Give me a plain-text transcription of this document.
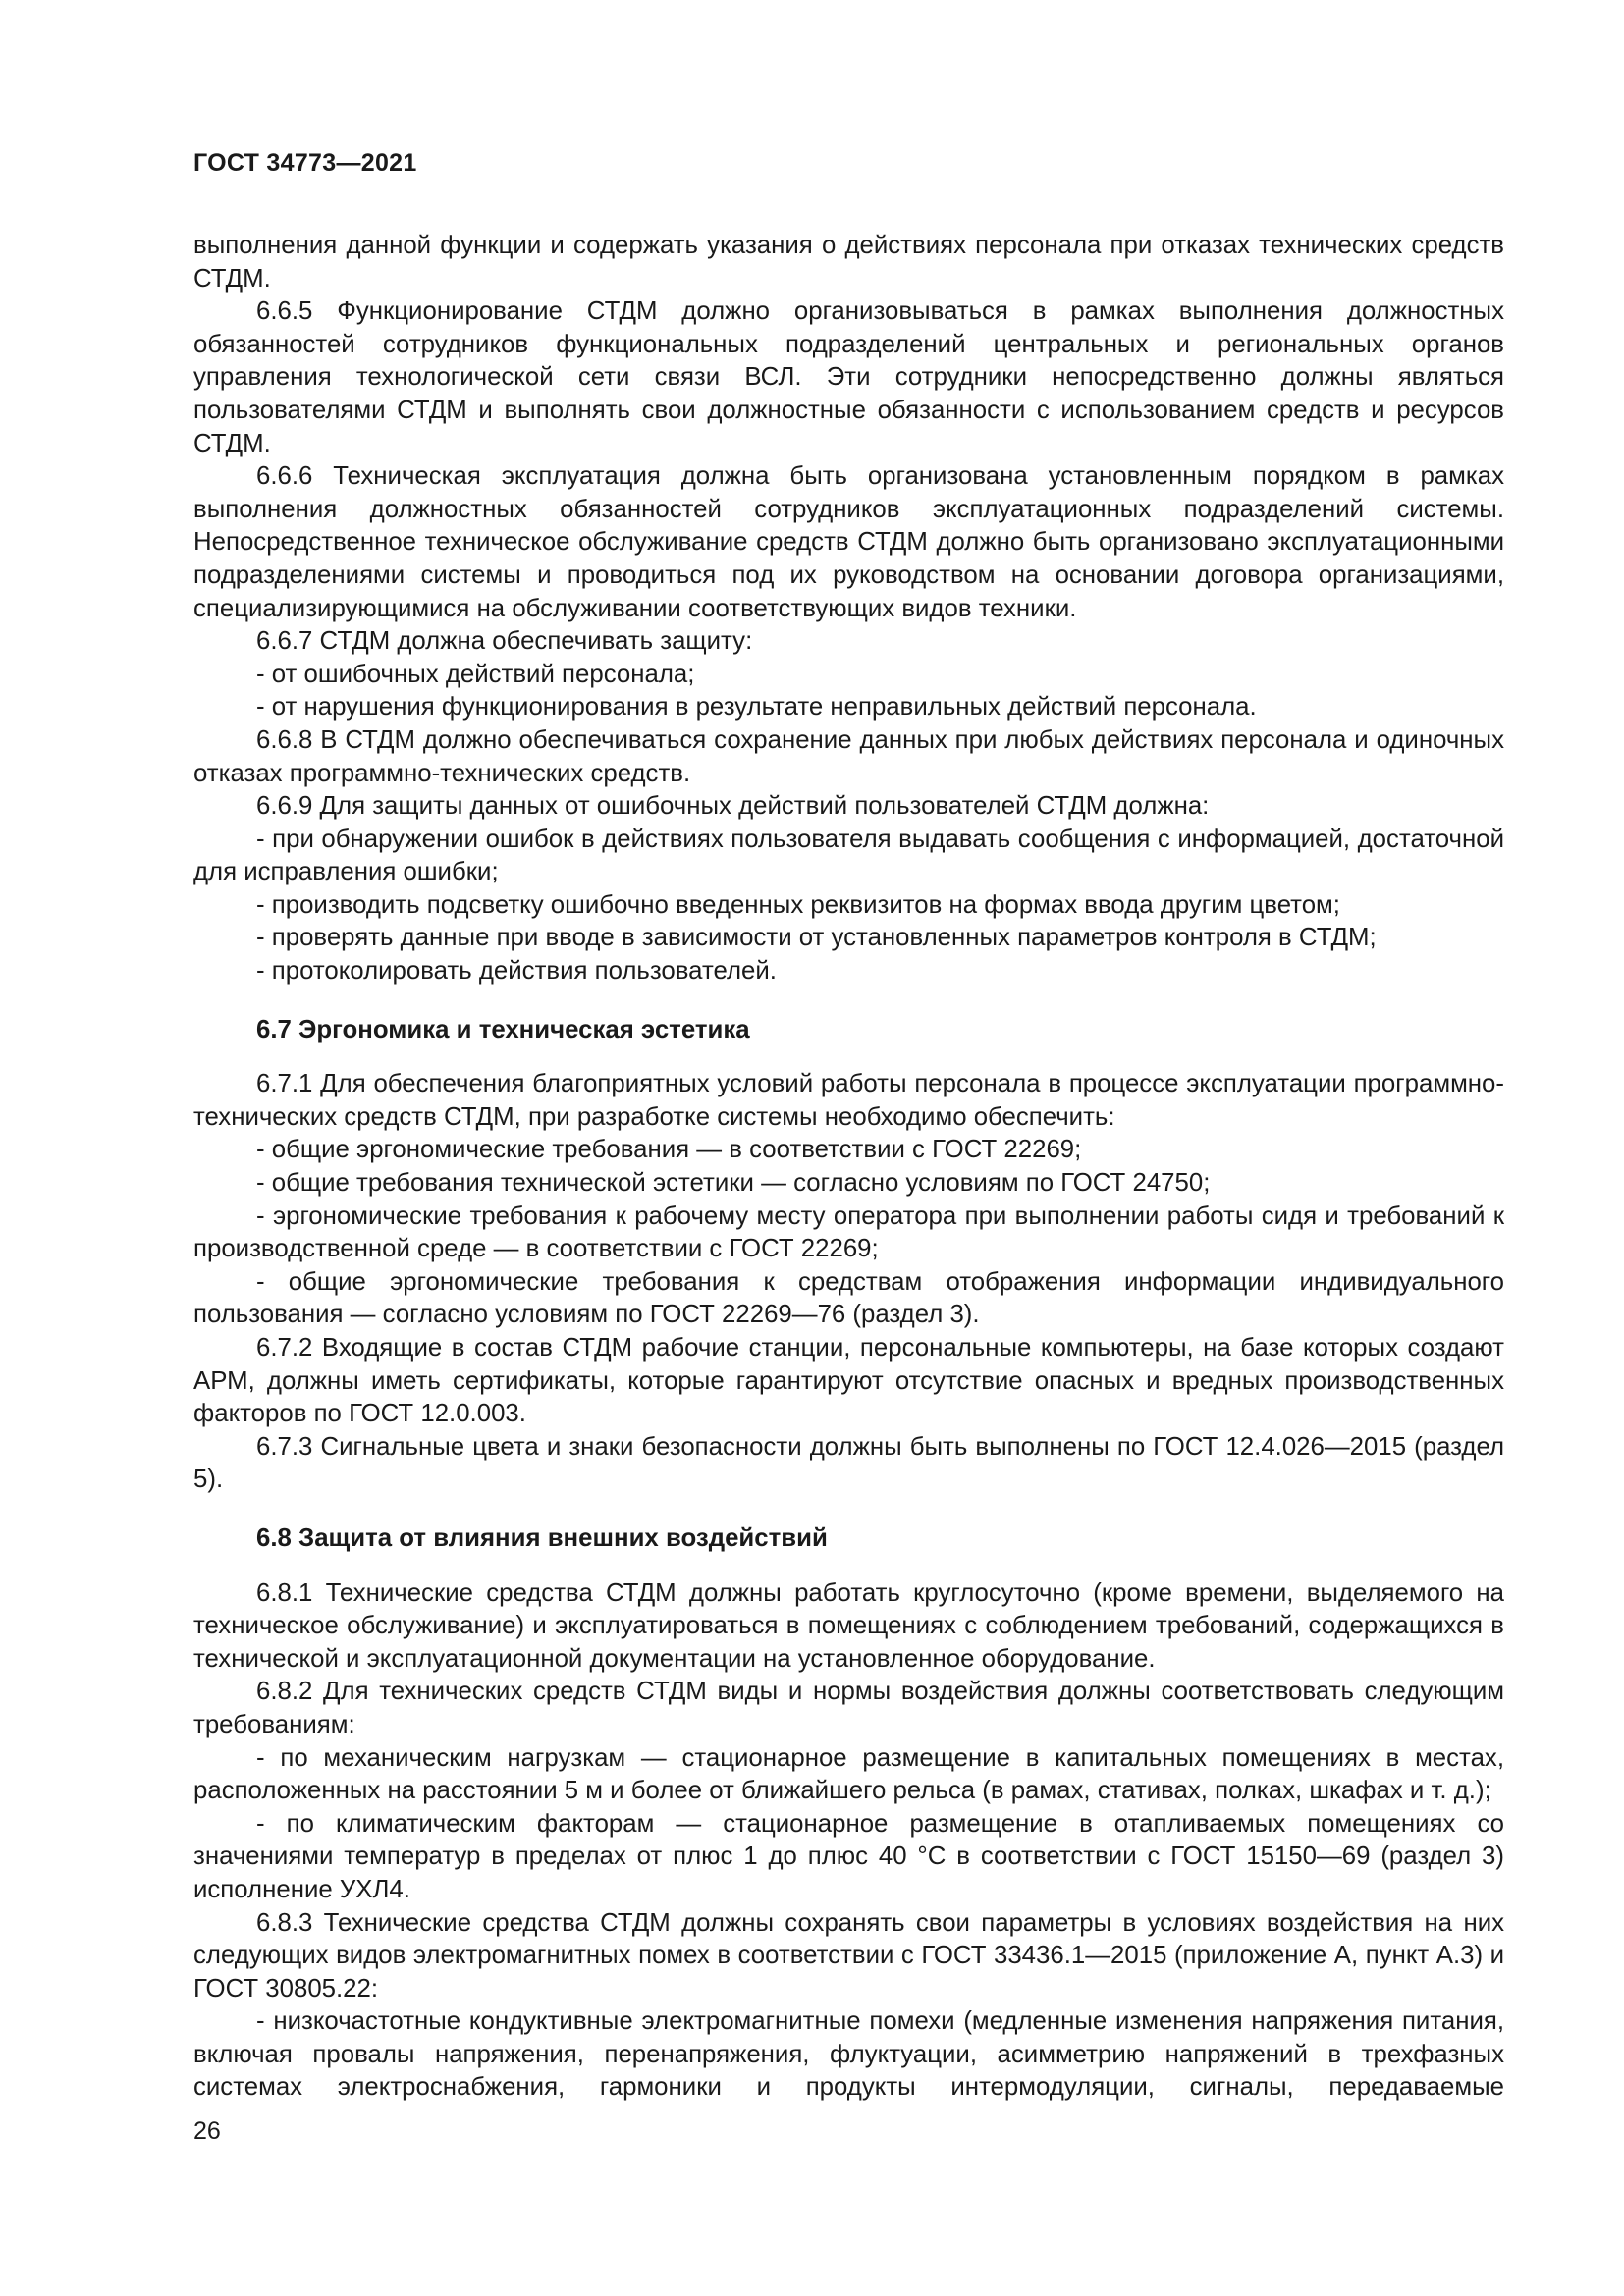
ГОСТ 34773—2021

выполнения данной функции и содержать указания о действиях персонала при отказах технических средств СТДМ.

6.6.5 Функционирование СТДМ должно организовываться в рамках выполнения должностных обязанностей сотрудников функциональных подразделений центральных и региональных органов управления технологической сети связи ВСЛ. Эти сотрудники непосредственно должны являться пользователями СТДМ и выполнять свои должностные обязанности с использованием средств и ресурсов СТДМ.

6.6.6 Техническая эксплуатация должна быть организована установленным порядком в рамках выполнения должностных обязанностей сотрудников эксплуатационных подразделений системы. Непосредственное техническое обслуживание средств СТДМ должно быть организовано эксплуатационными подразделениями системы и проводиться под их руководством на основании договора организациями, специализирующимися на обслуживании соответствующих видов техники.

6.6.7 СТДМ должна обеспечивать защиту:

- от ошибочных действий персонала;

- от нарушения функционирования в результате неправильных действий персонала.

6.6.8 В СТДМ должно обеспечиваться сохранение данных при любых действиях персонала и одиночных отказах программно-технических средств.

6.6.9 Для защиты данных от ошибочных действий пользователей СТДМ должна:

- при обнаружении ошибок в действиях пользователя выдавать сообщения с информацией, достаточной для исправления ошибки;

- производить подсветку ошибочно введенных реквизитов на формах ввода другим цветом;

- проверять данные при вводе в зависимости от установленных параметров контроля в СТДМ;

- протоколировать действия пользователей.

6.7 Эргономика и техническая эстетика

6.7.1 Для обеспечения благоприятных условий работы персонала в процессе эксплуатации программно-технических средств СТДМ, при разработке системы необходимо обеспечить:

- общие эргономические требования — в соответствии с ГОСТ 22269;

- общие требования технической эстетики — согласно условиям по ГОСТ 24750;

- эргономические требования к рабочему месту оператора при выполнении работы сидя и требований к производственной среде — в соответствии с ГОСТ 22269;

- общие эргономические требования к средствам отображения информации индивидуального пользования — согласно условиям по ГОСТ 22269—76 (раздел 3).

6.7.2 Входящие в состав СТДМ рабочие станции, персональные компьютеры, на базе которых создают АРМ, должны иметь сертификаты, которые гарантируют отсутствие опасных и вредных производственных факторов по ГОСТ 12.0.003.

6.7.3 Сигнальные цвета и знаки безопасности должны быть выполнены по ГОСТ 12.4.026—2015 (раздел 5).

6.8 Защита от влияния внешних воздействий

6.8.1 Технические средства СТДМ должны работать круглосуточно (кроме времени, выделяемого на техническое обслуживание) и эксплуатироваться в помещениях с соблюдением требований, содержащихся в технической и эксплуатационной документации на установленное оборудование.

6.8.2 Для технических средств СТДМ виды и нормы воздействия должны соответствовать следующим требованиям:

- по механическим нагрузкам — стационарное размещение в капитальных помещениях в местах, расположенных на расстоянии 5 м и более от ближайшего рельса (в рамах, стативах, полках, шкафах и т. д.);

- по климатическим факторам — стационарное размещение в отапливаемых помещениях со значениями температур в пределах от плюс 1 до плюс 40 °С в соответствии с ГОСТ 15150—69 (раздел 3) исполнение УХЛ4.

6.8.3 Технические средства СТДМ должны сохранять свои параметры в условиях воздействия на них следующих видов электромагнитных помех в соответствии с ГОСТ 33436.1—2015 (приложение А, пункт А.3) и ГОСТ 30805.22:

- низкочастотные кондуктивные электромагнитные помехи (медленные изменения напряжения питания, включая провалы напряжения, перенапряжения, флуктуации, асимметрию напряжений в трехфазных системах электроснабжения, гармоники и продукты интермодуляции, сигналы, передаваемые

26
